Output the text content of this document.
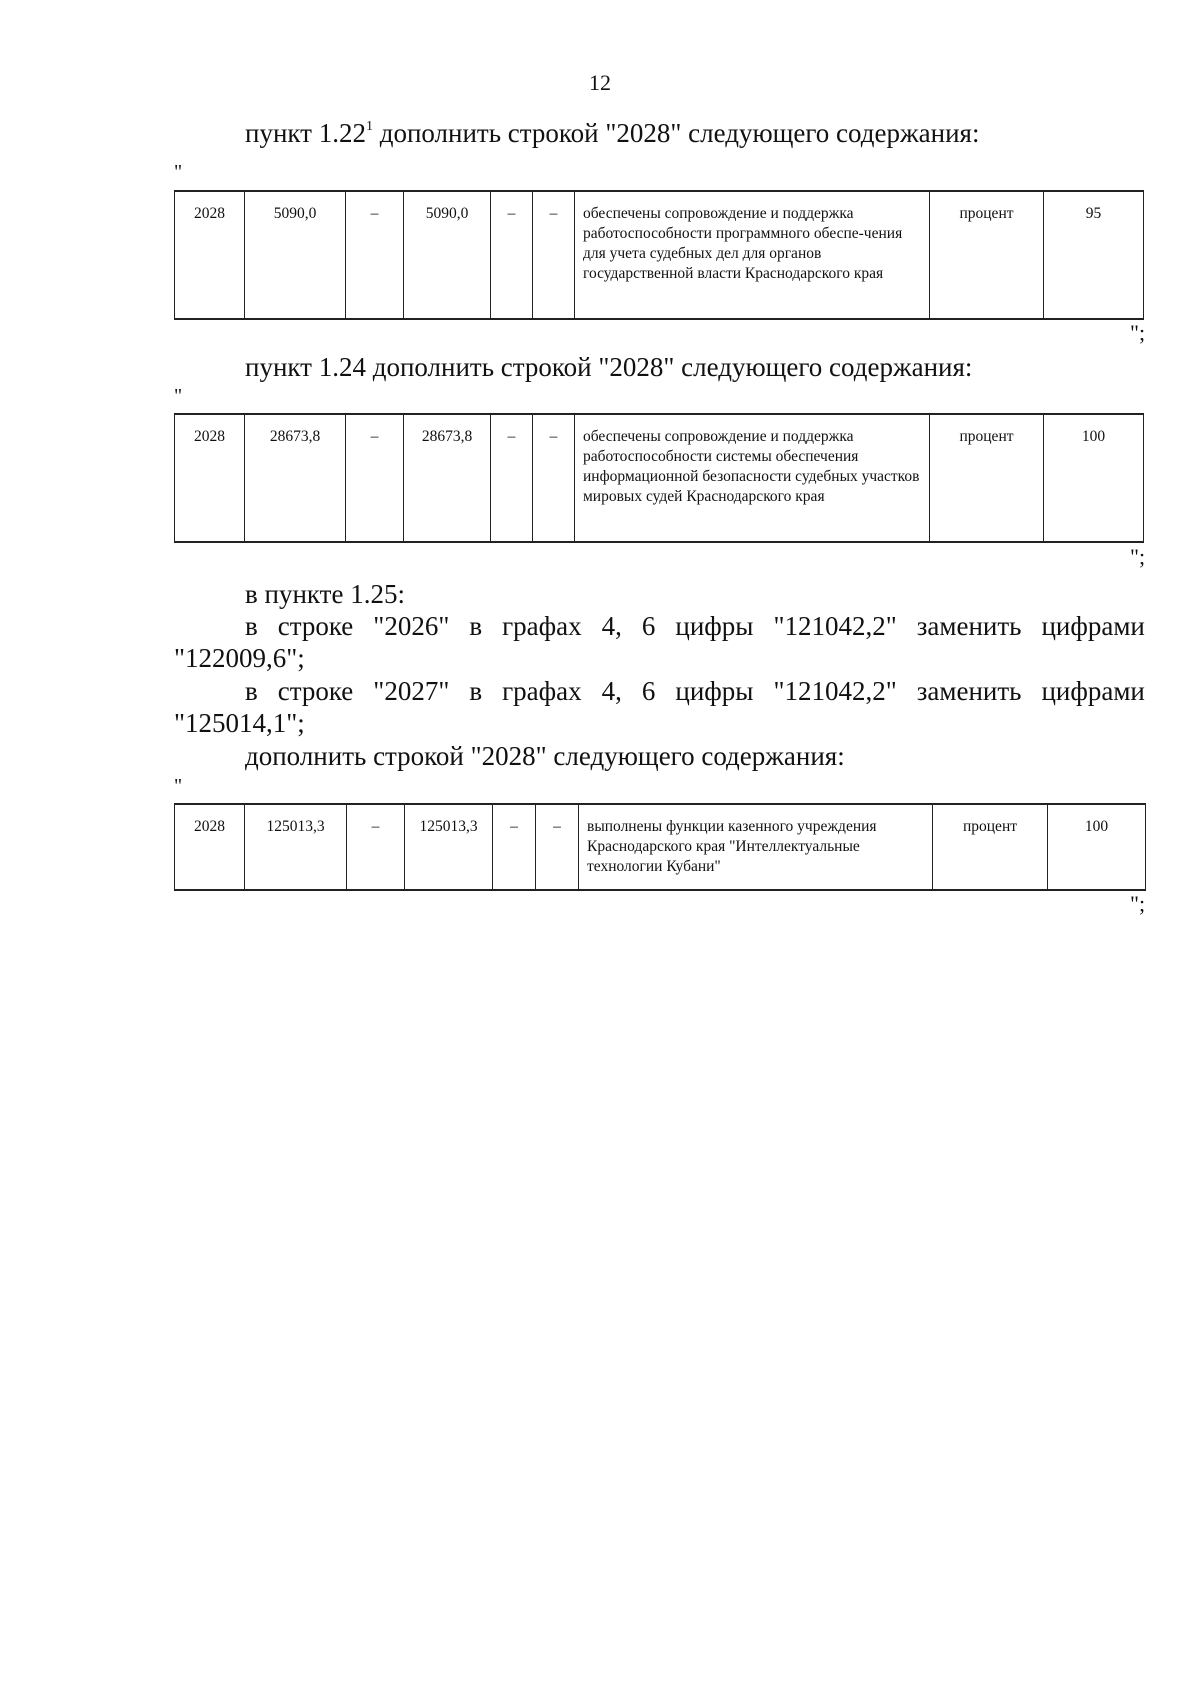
12
пункт 1.22$^1$ дополнить строкой "2028" следующего содержания:
"
2028	5090,0	–	5090,0	–	–	обеспечены сопровождение и поддержка работоспособности программного обеспе-чения для учета судебных дел для органов государственной власти Краснодарского края	процент	95
";
пункт 1.24 дополнить строкой "2028" следующего содержания:
"
2028	28673,8	–	28673,8	–	–	обеспечены сопровождение и поддержка работоспособности системы обеспечения информационной безопасности судебных участков мировых судей Краснодарского края	процент	100
";
в пункте 1.25:
в строке "2026" в графах 4, 6 цифры "121042,2" заменить цифрами
"122009,6";
в строке "2027" в графах 4, 6 цифры "121042,2" заменить цифрами
"125014,1";
дополнить строкой "2028" следующего содержания:
"
2028	125013,3	–	125013,3	–	–	выполнены функции казенного учреждения Краснодарского края "Интеллектуальные технологии Кубани"	процент	100
";
